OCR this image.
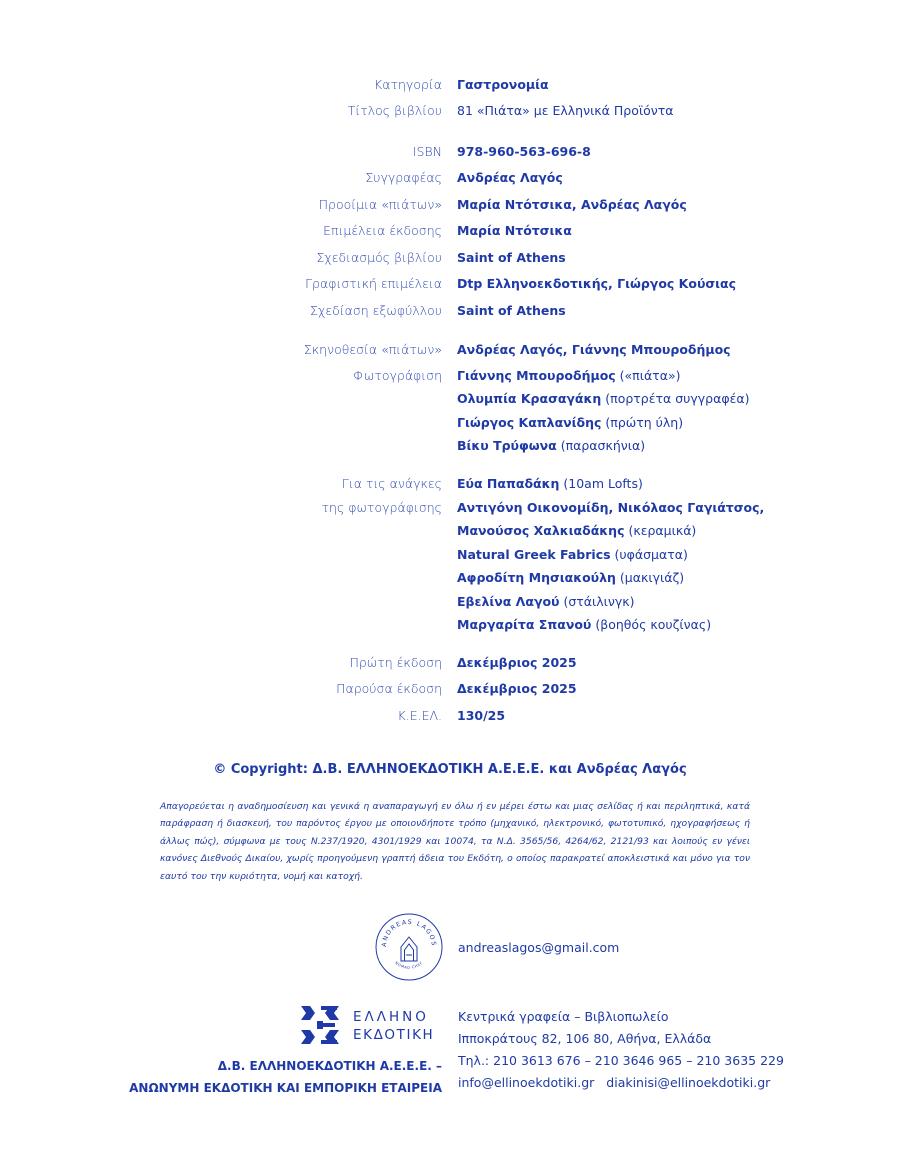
Κατηγορία Γαστρονομία
Τίτλος βιβλίου 81 «Πιάτα» με Ελληνικά Προϊόντα
ISBN 978-960-563-696-8
Συγγραφέας Ανδρέας Λαγός
Προοίμια «πιάτων» Μαρία Ντότσικα, Ανδρέας Λαγός
Επιμέλεια έκδοσης Μαρία Ντότσικα
Σχεδιασμός βιβλίου Saint of Athens
Γραφιστική επιμέλεια Dtp Ελληνοεκδοτικής, Γιώργος Κούσιας
Σχεδίαση εξωφύλλου Saint of Athens
Σκηνοθεσία «πιάτων» Ανδρέας Λαγός, Γιάννης Μπουροδήμος
Φωτογράφιση Γιάννης Μπουροδήμος («πιάτα»)
Ολυμπία Κρασαγάκη (πορτρέτα συγγραφέα)
Γιώργος Καπλανίδης (πρώτη ύλη)
Βίκυ Τρύφωνα (παρασκήνια)
Για τις ανάγκες
της φωτογράφισης
Εύα Παπαδάκη (10am Lofts)
Αντιγόνη Οικονομίδη, Νικόλαος Γαγιάτσος,
Μανούσος Χαλκιαδάκης (κεραμικά)
Natural Greek Fabrics (υφάσματα)
Αφροδίτη Μησιακούλη (μακιγιάζ)
Εβελίνα Λαγού (στάιλινγκ)
Μαργαρίτα Σπανού (βοηθός κουζίνας)
Πρώτη έκδοση Δεκέμβριος 2025
Παρούσα έκδοση Δεκέμβριος 2025
Κ.Ε.ΕΛ. 130/25
© Copyright: Δ.Β. ΕΛΛΗΝΟΕΚΔΟΤΙΚΗ Α.Ε.Ε.Ε. και Ανδρέας Λαγός
Απαγορεύεται η αναδημοσίευση και γενικά η αναπαραγωγή εν όλω ή εν μέρει έστω και μιας σελίδας ή και περιληπτικά, κατά παράφραση ή διασκευή, του παρόντος έργου με οποιονδήποτε τρόπο (μηχανικό, ηλεκτρονικό, φωτοτυπικό, ηχογραφήσεως ή άλλως πώς), σύμφωνα με τους Ν.237/1920, 4301/1929 και 10074, τα Ν.Δ. 3565/56, 4264/62, 2121/93 και λοιπούς εν γένει κανόνες Διεθνούς Δικαίου, χωρίς προηγούμενη γραπτή άδεια του Εκδότη, ο οποίος παρακρατεί αποκλειστικά και μόνο για τον εαυτό του την κυριότητα, νομή και κατοχή.
ANDREAS LAGOS
NOMAD CHEF
andreaslagos@gmail.com
ΕΛΛΗΝΟ
ΕΚΔΟΤΙΚΗ
Δ.Β. ΕΛΛΗΝΟΕΚΔΟΤΙΚΗ Α.Ε.Ε.Ε. –
ΑΝΩΝΥΜΗ ΕΚΔΟΤΙΚΗ ΚΑΙ ΕΜΠΟΡΙΚΗ ΕΤΑΙΡΕΙΑ
Κεντρικά γραφεία – Βιβλιοπωλείο
Ιπποκράτους 82, 106 80, Αθήνα, Ελλάδα
Τηλ.: 210 3613 676 – 210 3646 965 – 210 3635 229
info@ellinoekdotiki.gr diakinisi@ellinoekdotiki.gr
